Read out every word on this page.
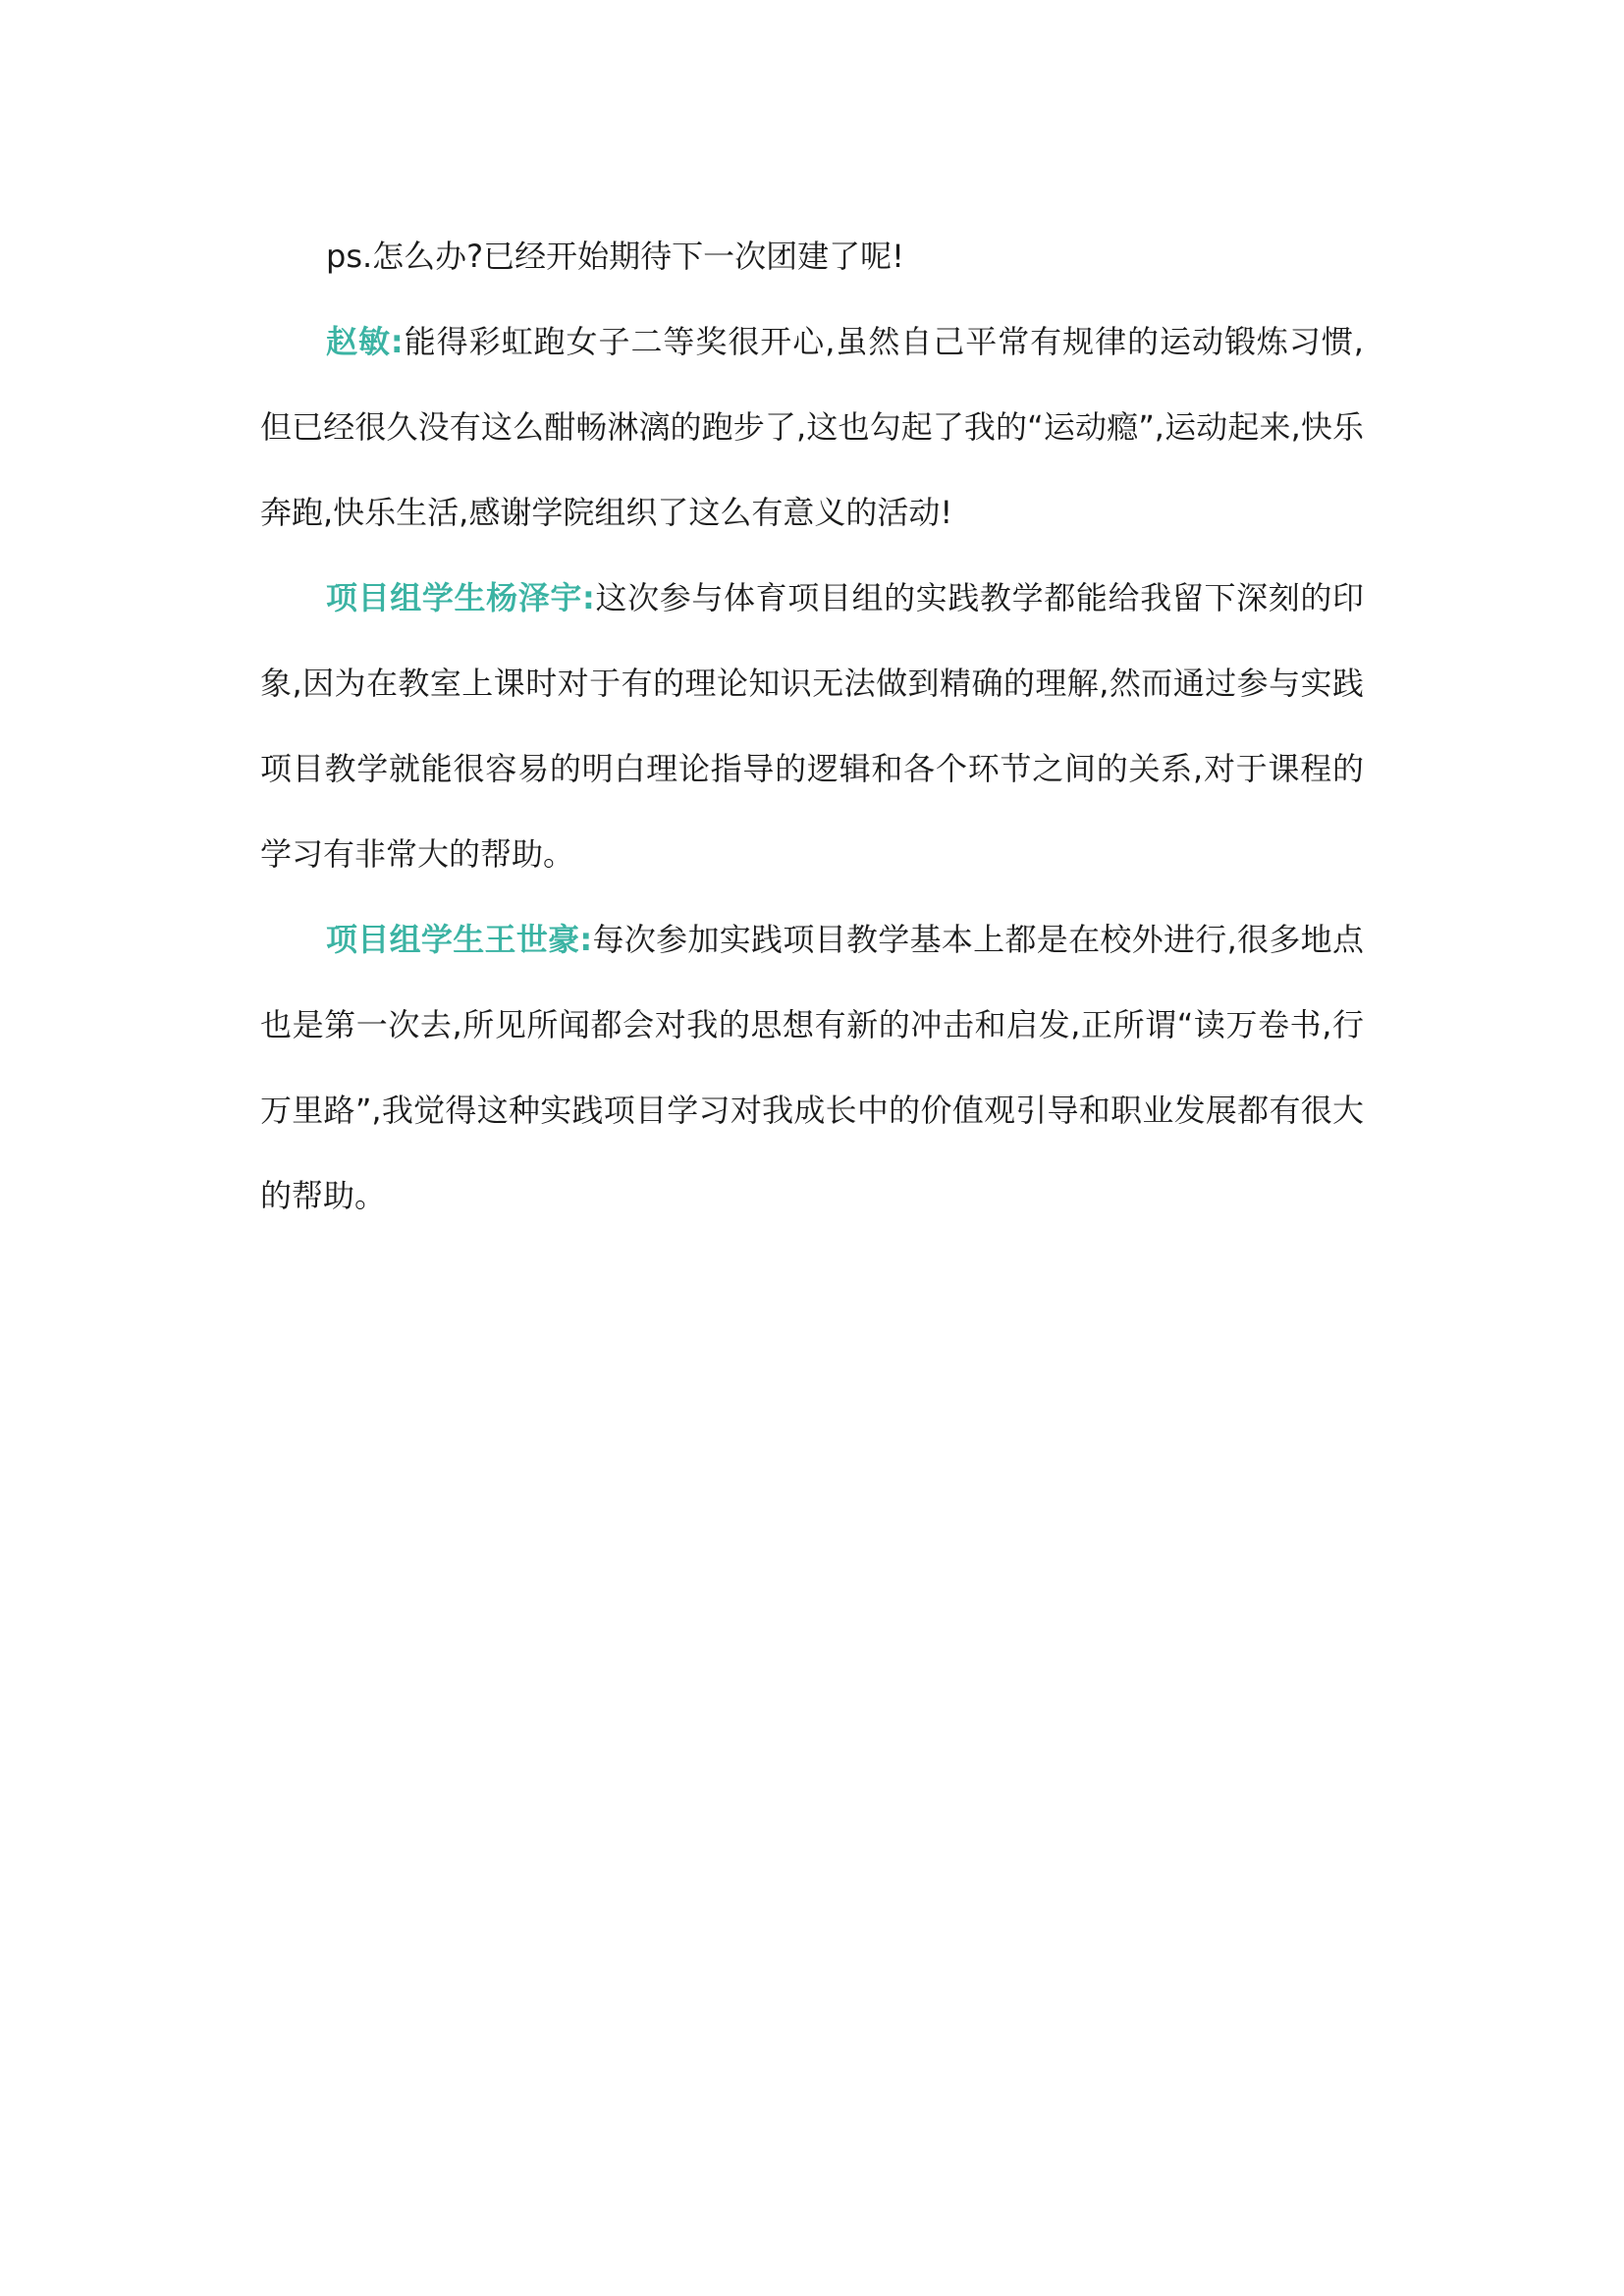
ps.怎么办?已经开始期待下一次团建了呢!

赵敏:能得彩虹跑女子二等奖很开心,虽然自己平常有规律的运动锻炼习惯,但已经很久没有这么酣畅淋漓的跑步了,这也勾起了我的“运动瘾”,运动起来,快乐奔跑,快乐生活,感谢学院组织了这么有意义的活动!

项目组学生杨泽宇:这次参与体育项目组的实践教学都能给我留下深刻的印象,因为在教室上课时对于有的理论知识无法做到精确的理解,然而通过参与实践项目教学就能很容易的明白理论指导的逻辑和各个环节之间的关系,对于课程的学习有非常大的帮助。

项目组学生王世豪:每次参加实践项目教学基本上都是在校外进行,很多地点也是第一次去,所见所闻都会对我的思想有新的冲击和启发,正所谓“读万卷书,行万里路”,我觉得这种实践项目学习对我成长中的价值观引导和职业发展都有很大的帮助。
